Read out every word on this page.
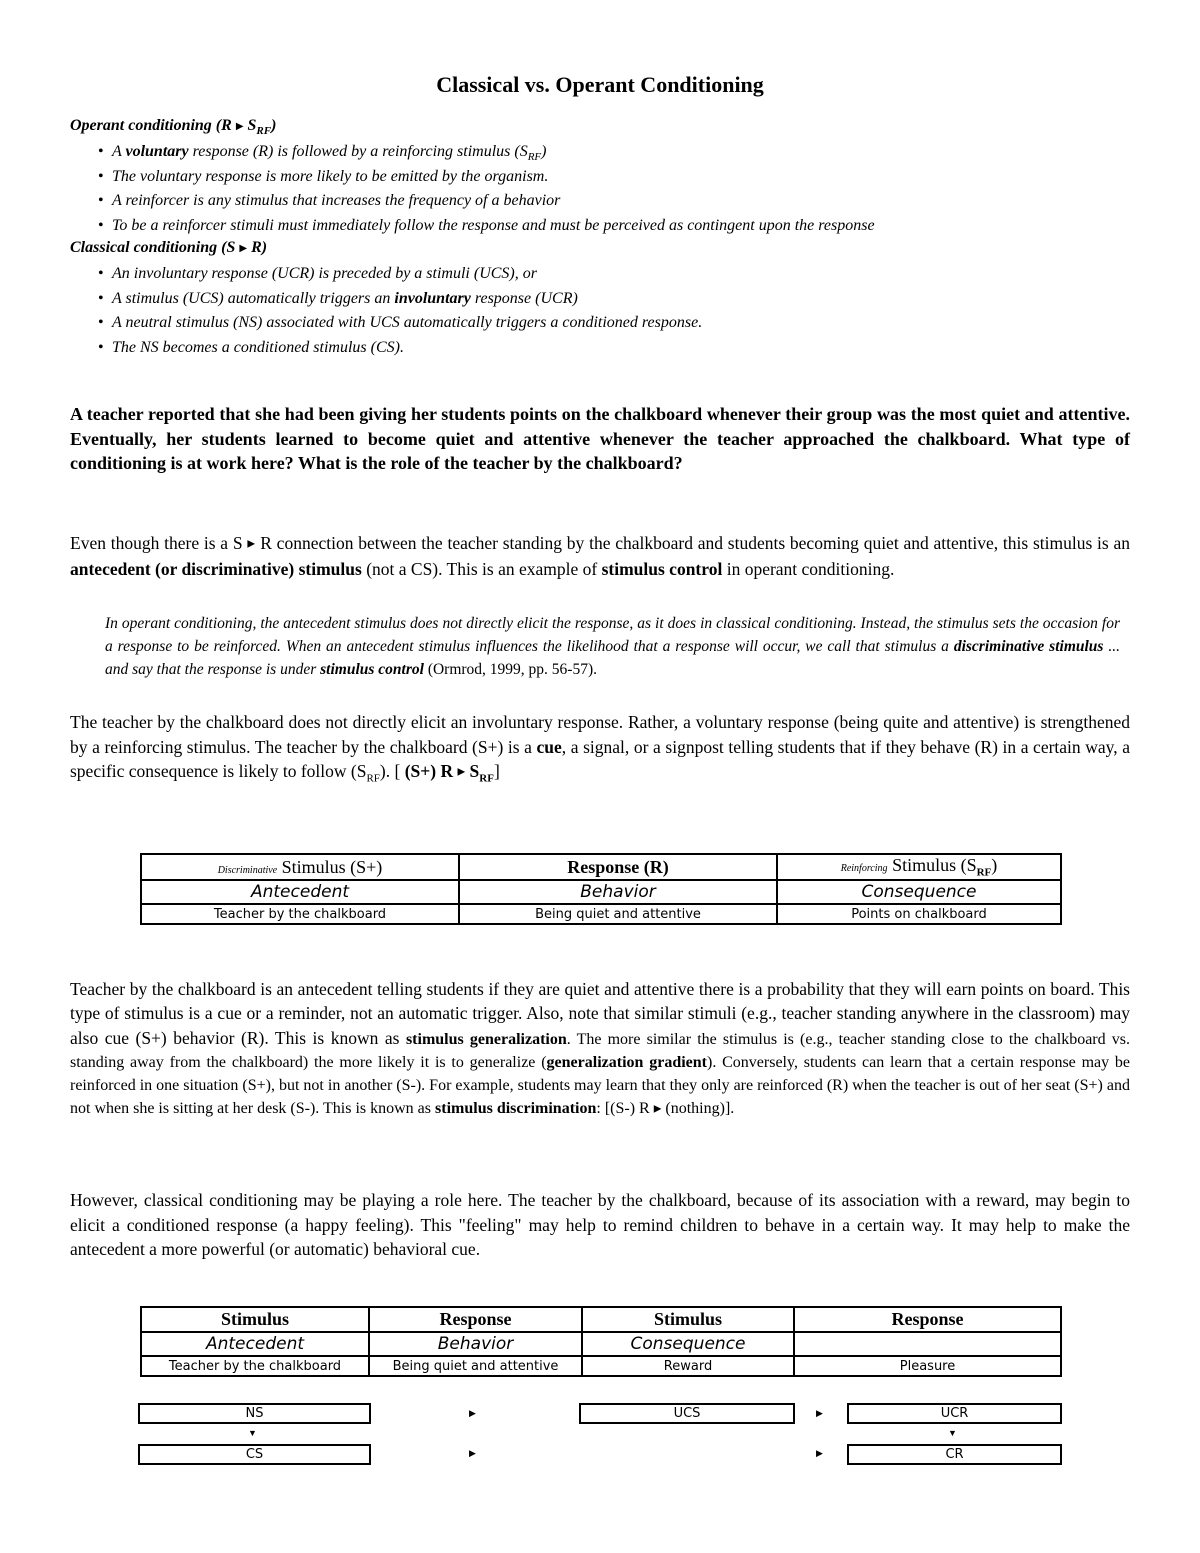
Classical vs. Operant Conditioning
Operant conditioning (R ▶ $S_{RF}$)
• A voluntary response (R) is followed by a reinforcing stimulus $(S_{RF})$
• The voluntary response is more likely to be emitted by the organism.
• A reinforcer is any stimulus that increases the frequency of a behavior
• To be a reinforcer stimuli must immediately follow the response and must be perceived as contingent upon the response
Classical conditioning (S ▶ R)
• An involuntary response (UCR) is preceded by a stimuli (UCS), or
• A stimulus (UCS) automatically triggers an involuntary response (UCR)
• A neutral stimulus (NS) associated with UCS automatically triggers a conditioned response.
• The NS becomes a conditioned stimulus (CS).
A teacher reported that she had been giving her students points on the chalkboard whenever their group was the most quiet and attentive. Eventually, her students learned to become quiet and attentive whenever the teacher approached the chalkboard. What type of conditioning is at work here? What is the role of the teacher by the chalkboard?
Even though there is a S ▶ R connection between the teacher standing by the chalkboard and students becoming quiet and attentive, this stimulus is an antecedent (or discriminative) stimulus (not a CS). This is an example of stimulus control in operant conditioning.
In operant conditioning, the antecedent stimulus does not directly elicit the response, as it does in classical conditioning. Instead, the stimulus sets the occasion for a response to be reinforced. When an antecedent stimulus influences the likelihood that a response will occur, we call that stimulus a discriminative stimulus ... and say that the response is under stimulus control (Ormrod, 1999, pp. 56-57).
The teacher by the chalkboard does not directly elicit an involuntary response. Rather, a voluntary response (being quite and attentive) is strengthened by a reinforcing stimulus. The teacher by the chalkboard (S+) is a cue, a signal, or a signpost telling students that if they behave (R) in a certain way, a specific consequence is likely to follow $(S_{RF})$. [ (S+) R ▶ $S_{RF}$]
Discriminative Stimulus (S+)	Response (R)	Reinforcing Stimulus $(S_{RF})$
Antecedent	Behavior	Consequence
Teacher by the chalkboard	Being quiet and attentive	Points on chalkboard
Teacher by the chalkboard is an antecedent telling students if they are quiet and attentive there is a probability that they will earn points on board. This type of stimulus is a cue or a reminder, not an automatic trigger. Also, note that similar stimuli (e.g., teacher standing anywhere in the classroom) may also cue (S+) behavior (R). This is known as stimulus generalization. The more similar the stimulus is (e.g., teacher standing close to the chalkboard vs. standing away from the chalkboard) the more likely it is to generalize (generalization gradient). Conversely, students can learn that a certain response may be reinforced in one situation (S+), but not in another (S-). For example, students may learn that they only are reinforced (R) when the teacher is out of her seat (S+) and not when she is sitting at her desk (S-). This is known as stimulus discrimination: [(S-) R ▶ (nothing)].
However, classical conditioning may be playing a role here. The teacher by the chalkboard, because of its association with a reward, may begin to elicit a conditioned response (a happy feeling). This "feeling" may help to remind children to behave in a certain way. It may help to make the antecedent a more powerful (or automatic) behavioral cue.
Stimulus	Response	Stimulus	Response
Antecedent	Behavior	Consequence	
Teacher by the chalkboard	Being quiet and attentive	Reward	Pleasure
NS ▶	UCS ▶	UCR
▼
▼
CS ▶ ▶	CR
